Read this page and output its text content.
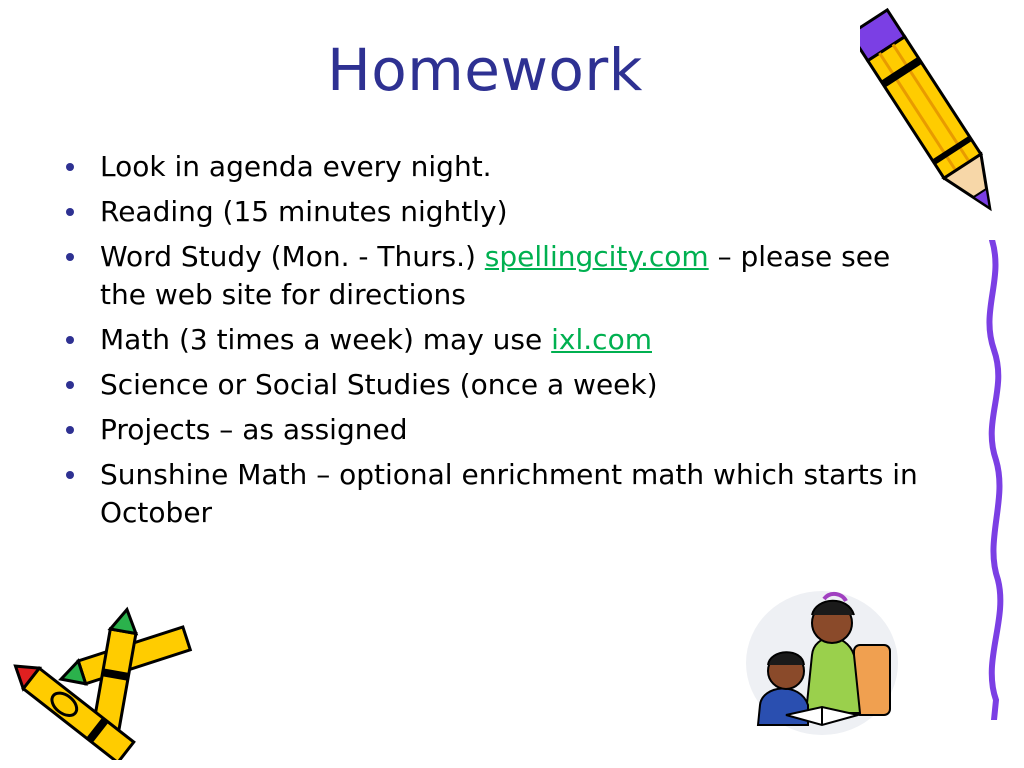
Homework
Look in agenda every night.
Reading (15 minutes nightly)
Word Study (Mon. - Thurs.) spellingcity.com – please see the web site for directions
Math (3 times a week) may use ixl.com
Science or Social Studies (once a week)
Projects – as assigned
Sunshine Math – optional enrichment math which starts in October
